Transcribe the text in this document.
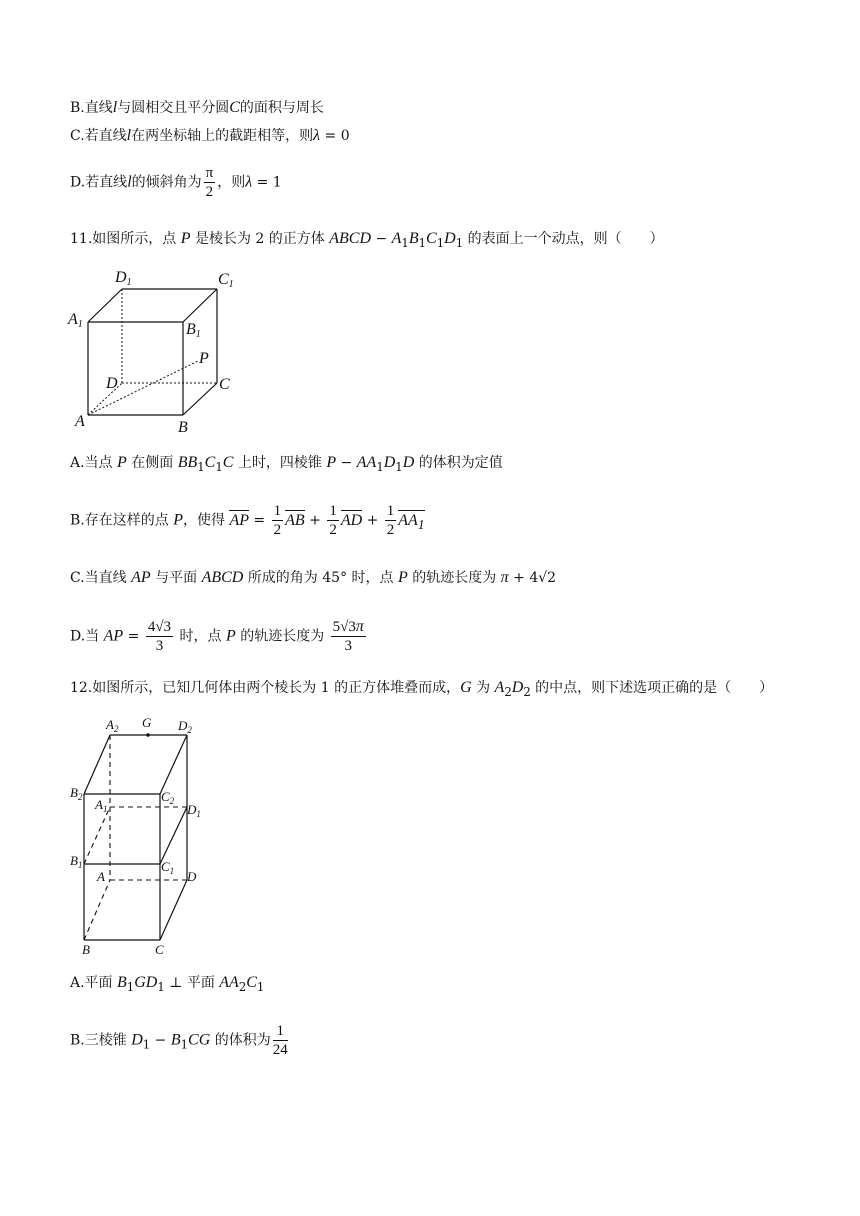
B.直线l与圆相交且平分圆C的面积与周长
C.若直线l在两坐标轴上的截距相等，则λ = 0
D.若直线l的倾斜角为 $\frac{\pi}{2}$ ，则λ = 1
11.如图所示，点 P 是棱长为 2 的正方体 ABCD − $A_1B_1C_1D_1$ 的表面上一个动点，则（　　）
D1	C1
A1	B1
P
D	C
A	B
A.当点 P 在侧面 $BB_1C_1C$ 上时，四棱锥 $P - AA_1D_1D$ 的体积为定值
B.存在这样的点 P，使得 AP = $\frac{1}{2}$ AB + $\frac{1}{2}$ AD + $\frac{1}{2} AA_1$
C.当直线 AP 与平面 ABCD 所成的角为 45° 时，点 P 的轨迹长度为 π + 4√2
D.当 AP = $\frac{4√3}{3}$ 时，点 P 的轨迹长度为 $\frac{5√3\pi}{3}$
12.如图所示，已知几何体由两个棱长为 1 的正方体堆叠而成，G 为 $A_2D_2$ 的中点，则下述选项正确的是（　　）
$A_2$ G $D_2$
$B_2$	$C_2$
$A_1$	$D_1$
$B_1$	$C_1$
A	D
B	C
A.平面 $B_1GD_1$ ⊥ 平面 $AA_2C_1$
B.三棱锥 $D_1 - B_1CG$ 的体积为 $\frac{1}{24}$
